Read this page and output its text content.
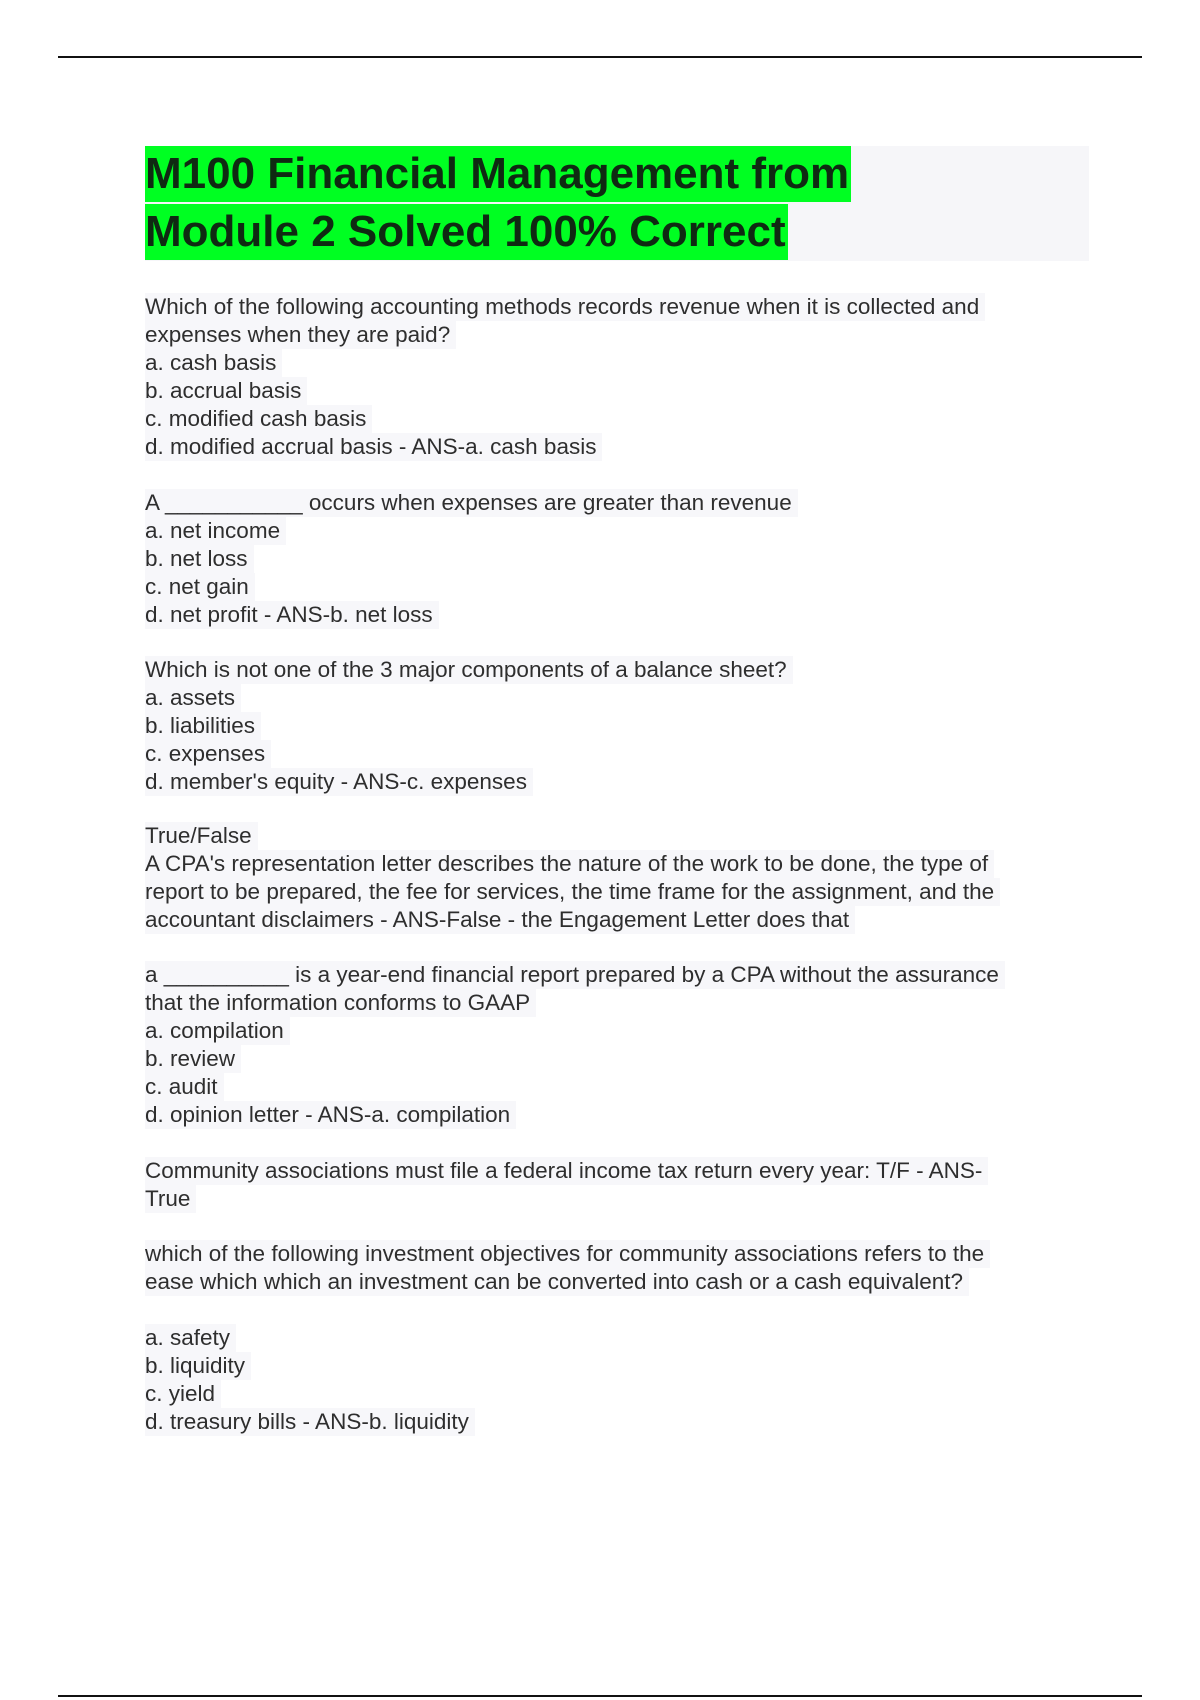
M100 Financial Management from
Module 2 Solved 100% Correct
Which of the following accounting methods records revenue when it is collected and
expenses when they are paid?
a. cash basis
b. accrual basis
c. modified cash basis
d. modified accrual basis - ANS-a. cash basis
A ___________ occurs when expenses are greater than revenue
a. net income
b. net loss
c. net gain
d. net profit - ANS-b. net loss
Which is not one of the 3 major components of a balance sheet?
a. assets
b. liabilities
c. expenses
d. member's equity - ANS-c. expenses
True/False
A CPA's representation letter describes the nature of the work to be done, the type of
report to be prepared, the fee for services, the time frame for the assignment, and the
accountant disclaimers - ANS-False - the Engagement Letter does that
a __________ is a year-end financial report prepared by a CPA without the assurance
that the information conforms to GAAP
a. compilation
b. review
c. audit
d. opinion letter - ANS-a. compilation
Community associations must file a federal income tax return every year: T/F - ANS-
True
which of the following investment objectives for community associations refers to the
ease which which an investment can be converted into cash or a cash equivalent?
a. safety
b. liquidity
c. yield
d. treasury bills - ANS-b. liquidity
